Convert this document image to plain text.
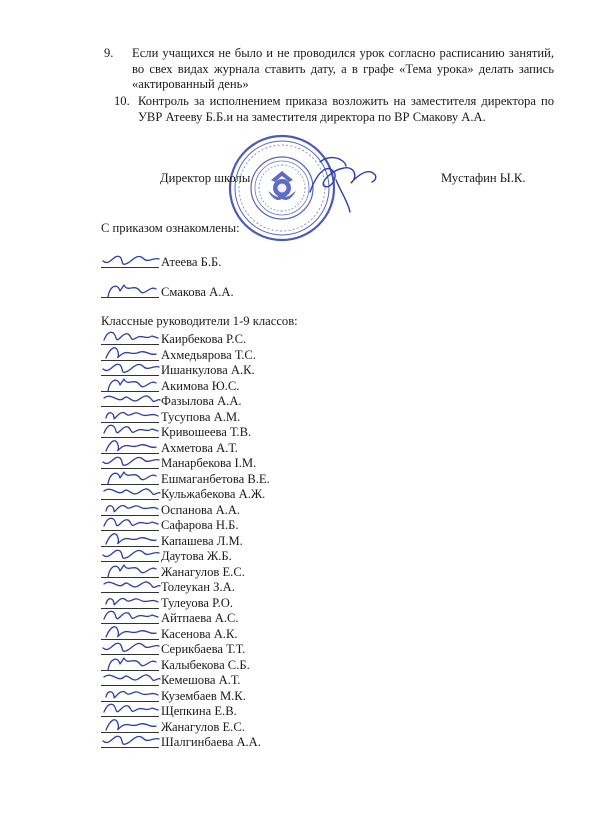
9. Если учащихся не было и не проводился урок согласно расписанию занятий, во свех видах журнала ставить дату, а в графе «Тема урока» делать запись «актированный день»
10. Контроль за исполнением приказа возложить на заместителя директора по УВР Атееву Б.Б.и на заместителя директора по ВР Смакову А.А.
Директор школы	Мустафин Ы.К.
С приказом ознакомлены:
Атеева Б.Б.
Смакова А.А.
Классные руководители 1-9 классов:
Каирбекова Р.С.
Ахмедьярова Т.С.
Ишанкулова А.К.
Акимова Ю.С.
Фазылова А.А.
Тусупова А.М.
Кривошеева Т.В.
Ахметова А.Т.
Манарбекова I.М.
Ешмаганбетова В.Е.
Кульжабекова А.Ж.
Оспанова А.А.
Сафарова Н.Б.
Капашева Л.М.
Даутова Ж.Б.
Жанагулов Е.С.
Толеукан З.А.
Тулеуова Р.О.
Айтпаева А.С.
Касенова А.К.
Серикбаева Т.Т.
Калыбекова С.Б.
Кемешова А.Т.
Кузембаев М.К.
Щепкина Е.В.
Жанагулов Е.С.
Шалгинбаева А.А.
